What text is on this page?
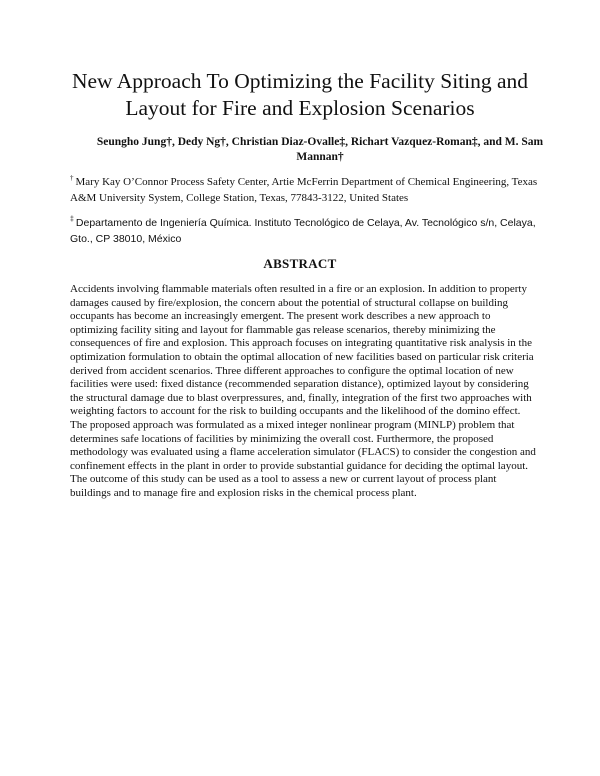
New Approach To Optimizing the Facility Siting and Layout for Fire and Explosion Scenarios

Seungho Jung†, Dedy Ng†, Christian Diaz-Ovalle‡, Richart Vazquez-Roman‡, and M. Sam Mannan†

† Mary Kay O’Connor Process Safety Center, Artie McFerrin Department of Chemical Engineering, Texas A&M University System, College Station, Texas, 77843-3122, United States

‡ Departamento de Ingeniería Química. Instituto Tecnológico de Celaya, Av. Tecnológico s/n, Celaya, Gto., CP 38010, México

ABSTRACT

Accidents involving flammable materials often resulted in a fire or an explosion. In addition to property damages caused by fire/explosion, the concern about the potential of structural collapse on building occupants has become an increasingly emergent. The present work describes a new approach to optimizing facility siting and layout for flammable gas release scenarios, thereby minimizing the consequences of fire and explosion. This approach focuses on integrating quantitative risk analysis in the optimization formulation to obtain the optimal allocation of new facilities based on particular risk criteria derived from accident scenarios. Three different approaches to configure the optimal location of new facilities were used: fixed distance (recommended separation distance), optimized layout by considering the structural damage due to blast overpressures, and, finally, integration of the first two approaches with weighting factors to account for the risk to building occupants and the likelihood of the domino effect. The proposed approach was formulated as a mixed integer nonlinear program (MINLP) problem that determines safe locations of facilities by minimizing the overall cost. Furthermore, the proposed methodology was evaluated using a flame acceleration simulator (FLACS) to consider the congestion and confinement effects in the plant in order to provide substantial guidance for deciding the optimal layout. The outcome of this study can be used as a tool to assess a new or current layout of process plant buildings and to manage fire and explosion risks in the chemical process plant.
